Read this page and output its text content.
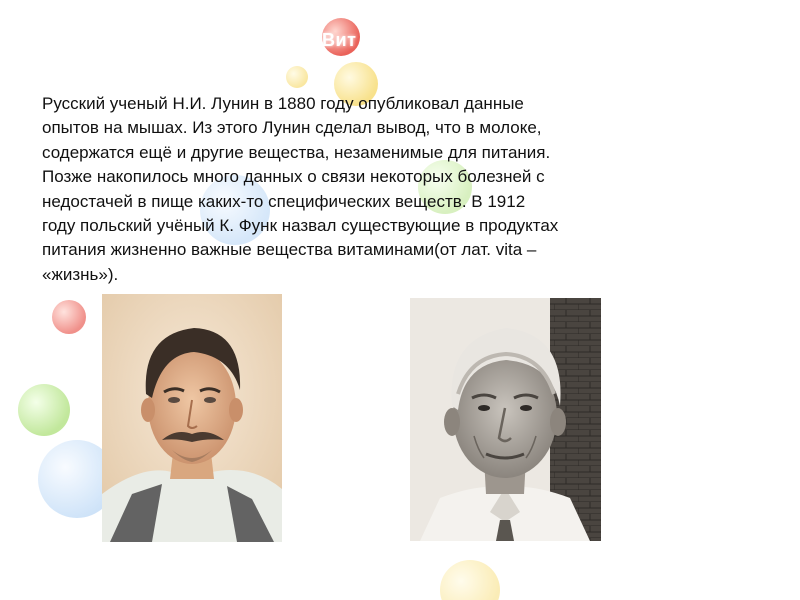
Вит
Русский ученый Н.И. Лунин в 1880 году опубликовал данные
опытов на мышах. Из этого Лунин сделал вывод, что в молоке,
содержатся ещё и другие вещества, незаменимые для питания.
Позже накопилось много данных о связи некоторых болезней с
недостачей в пище каких-то специфических веществ. В 1912
году польский учёный К. Функ назвал существующие в продуктах
питания жизненно важные вещества витаминами(от лат. vita –
«жизнь»).
